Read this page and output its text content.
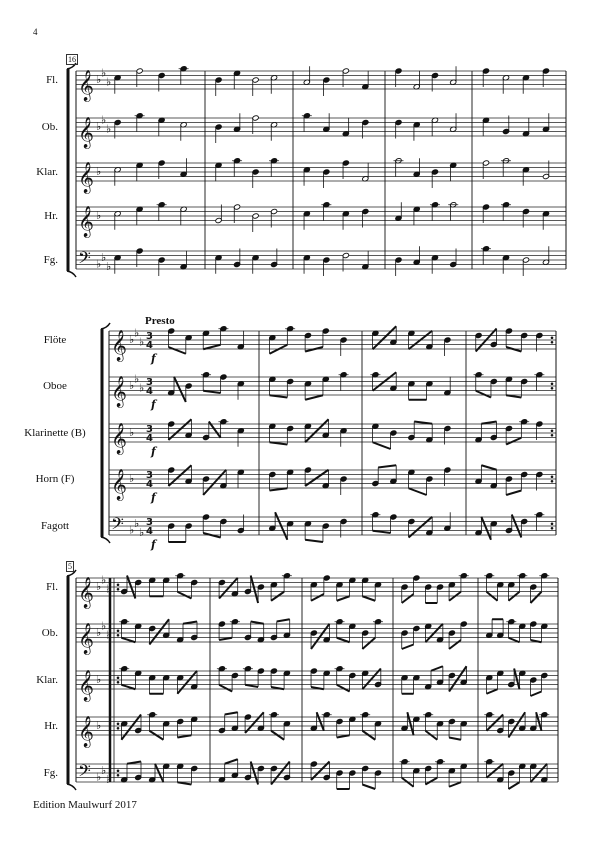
4
𝄞 ♭
♭
♭
𝄞 ♭
♭
♭
𝄞 ♭
𝄞 ♭
𝄢 ♭
♭
♭
𝄞 ♭
♭
♭ 3
4
f
𝄞 ♭
♭
♭ 3
4
f
𝄞 ♭ 3
4
f
𝄞 ♭ 3
4
f
𝄢 ♭
♭
♭
3
4
f
𝄞 ♭
♭
♭
𝄞 ♭
♭
♭
𝄞 ♭
𝄞 ♭
𝄢 ♭
♭
♭
16
Fl.
Ob.
Klar.
Hr.
Fg.
Presto
Flöte
Oboe
Klarinette (B)
Horn (F)
Fagott
5
Fl.
Ob.
Klar.
Hr.
Fg.
Edition Maulwurf 2017
